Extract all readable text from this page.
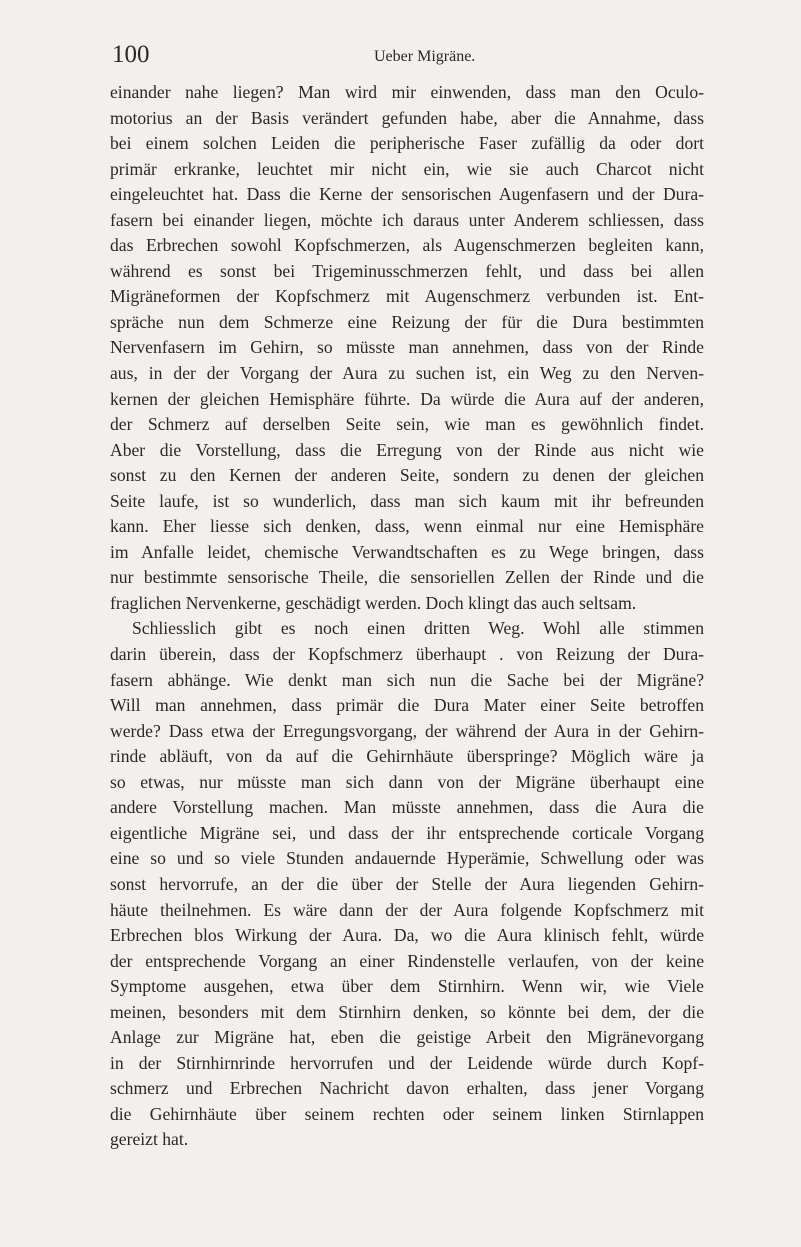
100	Ueber Migräne.
einander nahe liegen? Man wird mir einwenden, dass man den Oculo-
motorius an der Basis verändert gefunden habe, aber die Annahme, dass
bei einem solchen Leiden die peripherische Faser zufällig da oder dort
primär erkranke, leuchtet mir nicht ein, wie sie auch Charcot nicht
eingeleuchtet hat. Dass die Kerne der sensorischen Augenfasern und der Dura-
fasern bei einander liegen, möchte ich daraus unter Anderem schliessen, dass
das Erbrechen sowohl Kopfschmerzen, als Augenschmerzen begleiten kann,
während es sonst bei Trigeminusschmerzen fehlt, und dass bei allen
Migräneformen der Kopfschmerz mit Augenschmerz verbunden ist. Ent-
spräche nun dem Schmerze eine Reizung der für die Dura bestimmten
Nervenfasern im Gehirn, so müsste man annehmen, dass von der Rinde
aus, in der der Vorgang der Aura zu suchen ist, ein Weg zu den Nerven-
kernen der gleichen Hemisphäre führte. Da würde die Aura auf der anderen,
der Schmerz auf derselben Seite sein, wie man es gewöhnlich findet.
Aber die Vorstellung, dass die Erregung von der Rinde aus nicht wie
sonst zu den Kernen der anderen Seite, sondern zu denen der gleichen
Seite laufe, ist so wunderlich, dass man sich kaum mit ihr befreunden
kann. Eher liesse sich denken, dass, wenn einmal nur eine Hemisphäre
im Anfalle leidet, chemische Verwandtschaften es zu Wege bringen, dass
nur bestimmte sensorische Theile, die sensoriellen Zellen der Rinde und die
fraglichen Nervenkerne, geschädigt werden. Doch klingt das auch seltsam.
Schliesslich gibt es noch einen dritten Weg. Wohl alle stimmen
darin überein, dass der Kopfschmerz überhaupt . von Reizung der Dura-
fasern abhänge. Wie denkt man sich nun die Sache bei der Migräne?
Will man annehmen, dass primär die Dura Mater einer Seite betroffen
werde? Dass etwa der Erregungsvorgang, der während der Aura in der Gehirn-
rinde abläuft, von da auf die Gehirnhäute überspringe? Möglich wäre ja
so etwas, nur müsste man sich dann von der Migräne überhaupt eine
andere Vorstellung machen. Man müsste annehmen, dass die Aura die
eigentliche Migräne sei, und dass der ihr entsprechende corticale Vorgang
eine so und so viele Stunden andauernde Hyperämie, Schwellung oder was
sonst hervorrufe, an der die über der Stelle der Aura liegenden Gehirn-
häute theilnehmen. Es wäre dann der der Aura folgende Kopfschmerz mit
Erbrechen blos Wirkung der Aura. Da, wo die Aura klinisch fehlt, würde
der entsprechende Vorgang an einer Rindenstelle verlaufen, von der keine
Symptome ausgehen, etwa über dem Stirnhirn. Wenn wir, wie Viele
meinen, besonders mit dem Stirnhirn denken, so könnte bei dem, der die
Anlage zur Migräne hat, eben die geistige Arbeit den Migränevorgang
in der Stirnhirnrinde hervorrufen und der Leidende würde durch Kopf-
schmerz und Erbrechen Nachricht davon erhalten, dass jener Vorgang
die Gehirnhäute über seinem rechten oder seinem linken Stirnlappen
gereizt hat.
